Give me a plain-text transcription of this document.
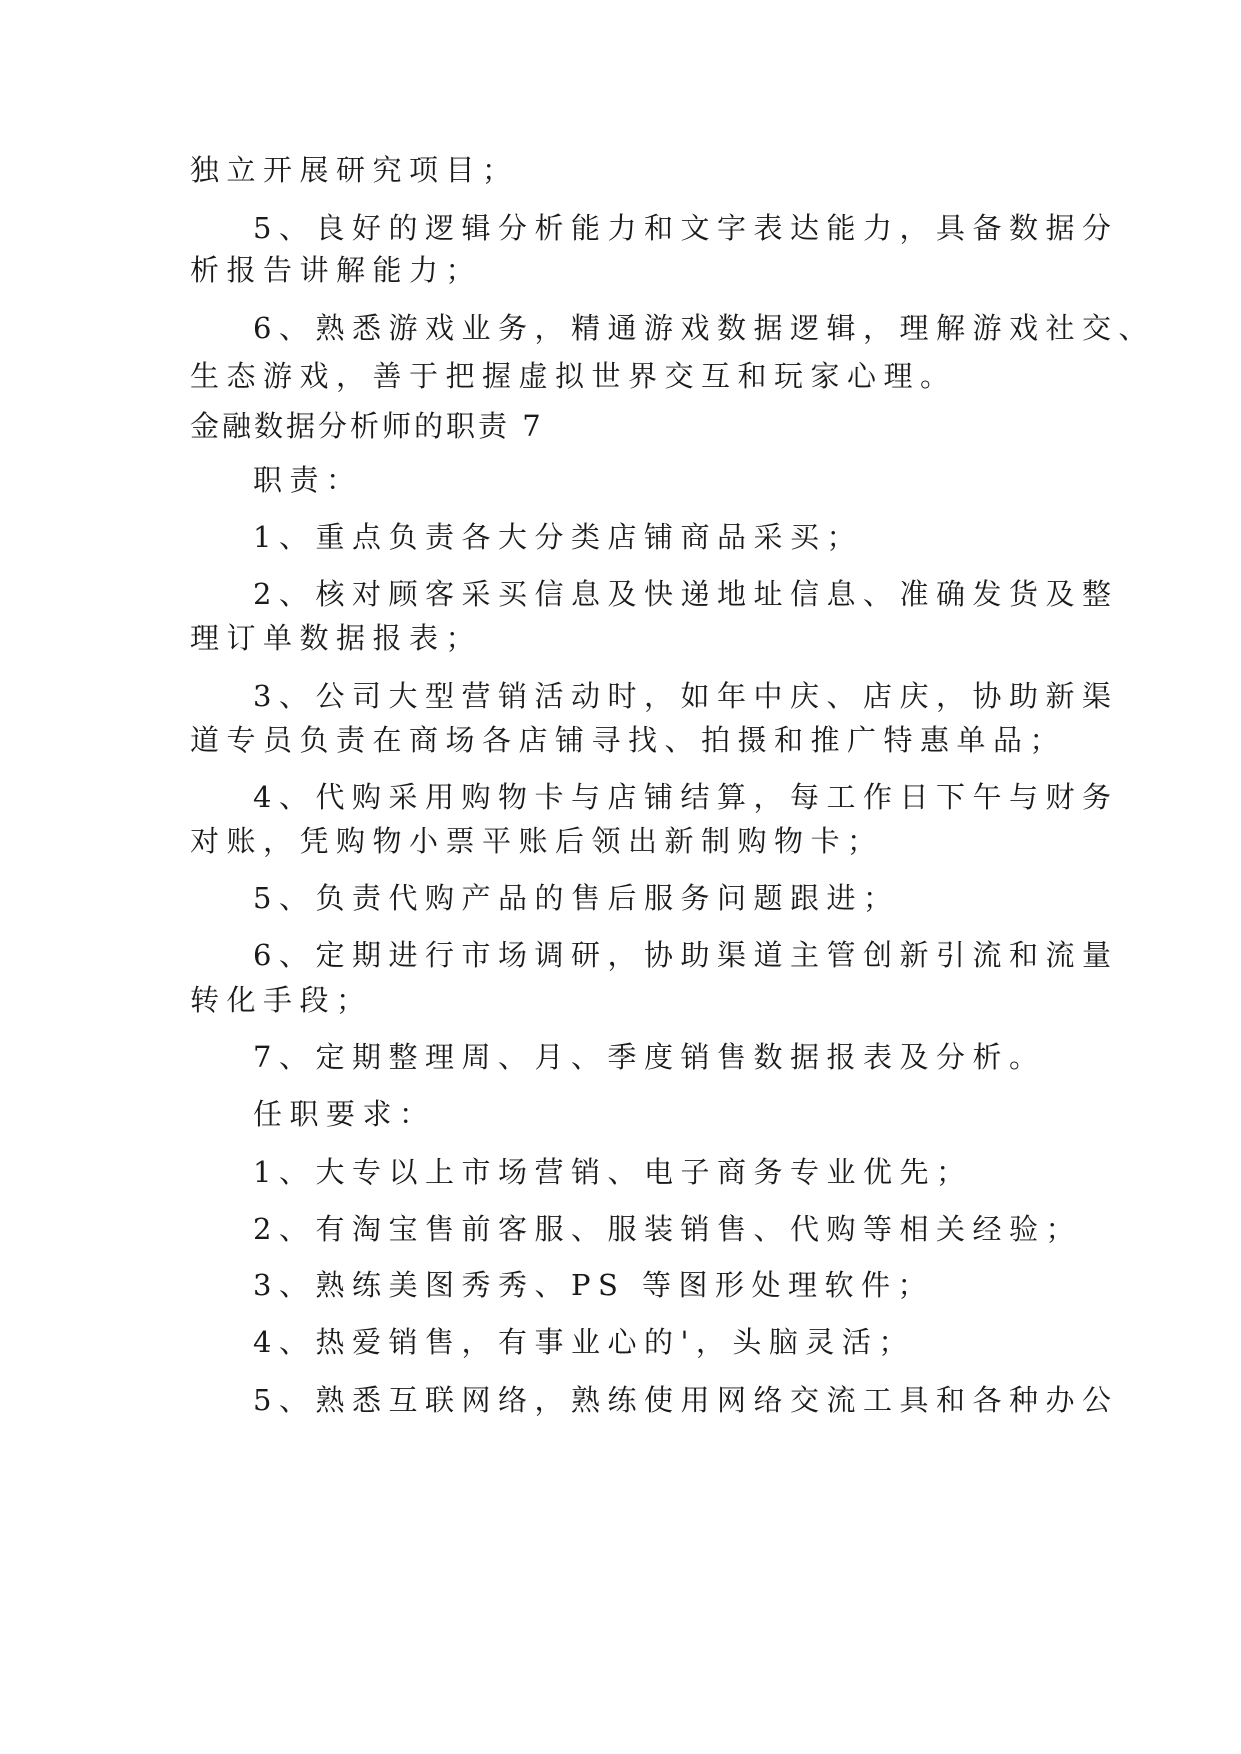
独立开展研究项目；
5、良好的逻辑分析能力和文字表达能力，具备数据分
析报告讲解能力；
6、熟悉游戏业务，精通游戏数据逻辑，理解游戏社交、
生态游戏，善于把握虚拟世界交互和玩家心理。
金融数据分析师的职责 7
职责：
1、重点负责各大分类店铺商品采买；
2、核对顾客采买信息及快递地址信息、准确发货及整
理订单数据报表；
3、公司大型营销活动时，如年中庆、店庆，协助新渠
道专员负责在商场各店铺寻找、拍摄和推广特惠单品；
4、代购采用购物卡与店铺结算，每工作日下午与财务
对账，凭购物小票平账后领出新制购物卡；
5、负责代购产品的售后服务问题跟进；
6、定期进行市场调研，协助渠道主管创新引流和流量
转化手段；
7、定期整理周、月、季度销售数据报表及分析。
任职要求：
1、大专以上市场营销、电子商务专业优先；
2、有淘宝售前客服、服装销售、代购等相关经验；
3、熟练美图秀秀、PS 等图形处理软件；
4、热爱销售，有事业心的'，头脑灵活；
5、熟悉互联网络，熟练使用网络交流工具和各种办公
